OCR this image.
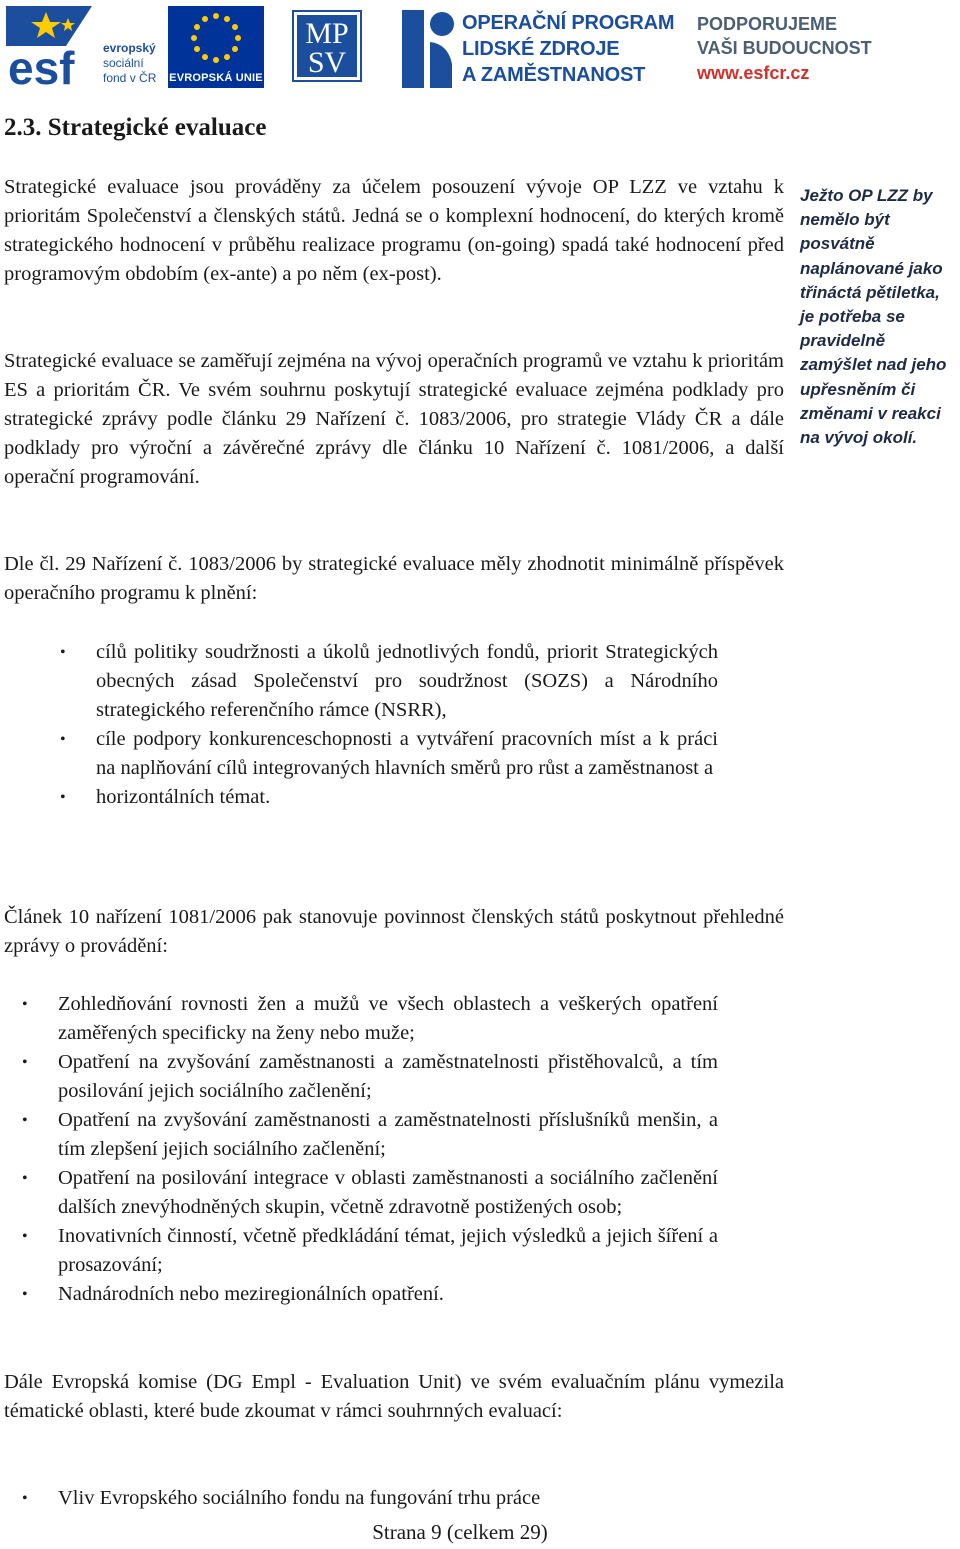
esf evropský
sociální
fond v ČR EVROPSKÁ UNIE
MP
SV
OPERAČNÍ PROGRAM
LIDSKÉ ZDROJE
A ZAMĚSTNANOST
PODPORUJEME
VAŠI BUDOUCNOST
www.esfcr.cz
2.3. Strategické evaluace

Strategické evaluace jsou prováděny za účelem posouzení vývoje OP LZZ ve vztahu k prioritám Společenství a členských států. Jedná se o komplexní hodnocení, do kterých kromě strategického hodnocení v průběhu realizace programu (on-going) spadá také hodnocení před programovým obdobím (ex-ante) a po něm (ex-post).

Strategické evaluace se zaměřují zejména na vývoj operačních programů ve vztahu k prioritám ES a prioritám ČR. Ve svém souhrnu poskytují strategické evaluace zejména podklady pro strategické zprávy podle článku 29 Nařízení č. 1083/2006, pro strategie Vlády ČR a dále podklady pro výroční a závěrečné zprávy dle článku 10 Nařízení č. 1081/2006, a další operační programování.

Ježto OP LZZ by nemělo být posvátně naplánované jako třináctá pětiletka, je potřeba se pravidelně zamýšlet nad jeho upřesněním či změnami v reakci na vývoj okolí.

Dle čl. 29 Nařízení č. 1083/2006 by strategické evaluace měly zhodnotit minimálně příspěvek operačního programu k plnění:

• cílů politiky soudržnosti a úkolů jednotlivých fondů, priorit Strategických obecných zásad Společenství pro soudržnost (SOZS) a Národního strategického referenčního rámce (NSRR),
• cíle podpory konkurenceschopnosti a vytváření pracovních míst a k práci na naplňování cílů integrovaných hlavních směrů pro růst a zaměstnanost a
• horizontálních témat.

Článek 10 nařízení 1081/2006 pak stanovuje povinnost členských států poskytnout přehledné zprávy o provádění:

• Zohledňování rovnosti žen a mužů ve všech oblastech a veškerých opatření zaměřených specificky na ženy nebo muže;
• Opatření na zvyšování zaměstnanosti a zaměstnatelnosti přistěhovalců, a tím posilování jejich sociálního začlenění;
• Opatření na zvyšování zaměstnanosti a zaměstnatelnosti příslušníků menšin, a tím zlepšení jejich sociálního začlenění;
• Opatření na posilování integrace v oblasti zaměstnanosti a sociálního začlenění dalších znevýhodněných skupin, včetně zdravotně postižených osob;
• Inovativních činností, včetně předkládání témat, jejich výsledků a jejich šíření a prosazování;
• Nadnárodních nebo meziregionálních opatření.

Dále Evropská komise (DG Empl - Evaluation Unit) ve svém evaluačním plánu vymezila tématické oblasti, které bude zkoumat v rámci souhrnných evaluací:

• Vliv Evropského sociálního fondu na fungování trhu práce
Strana 9 (celkem 29)
